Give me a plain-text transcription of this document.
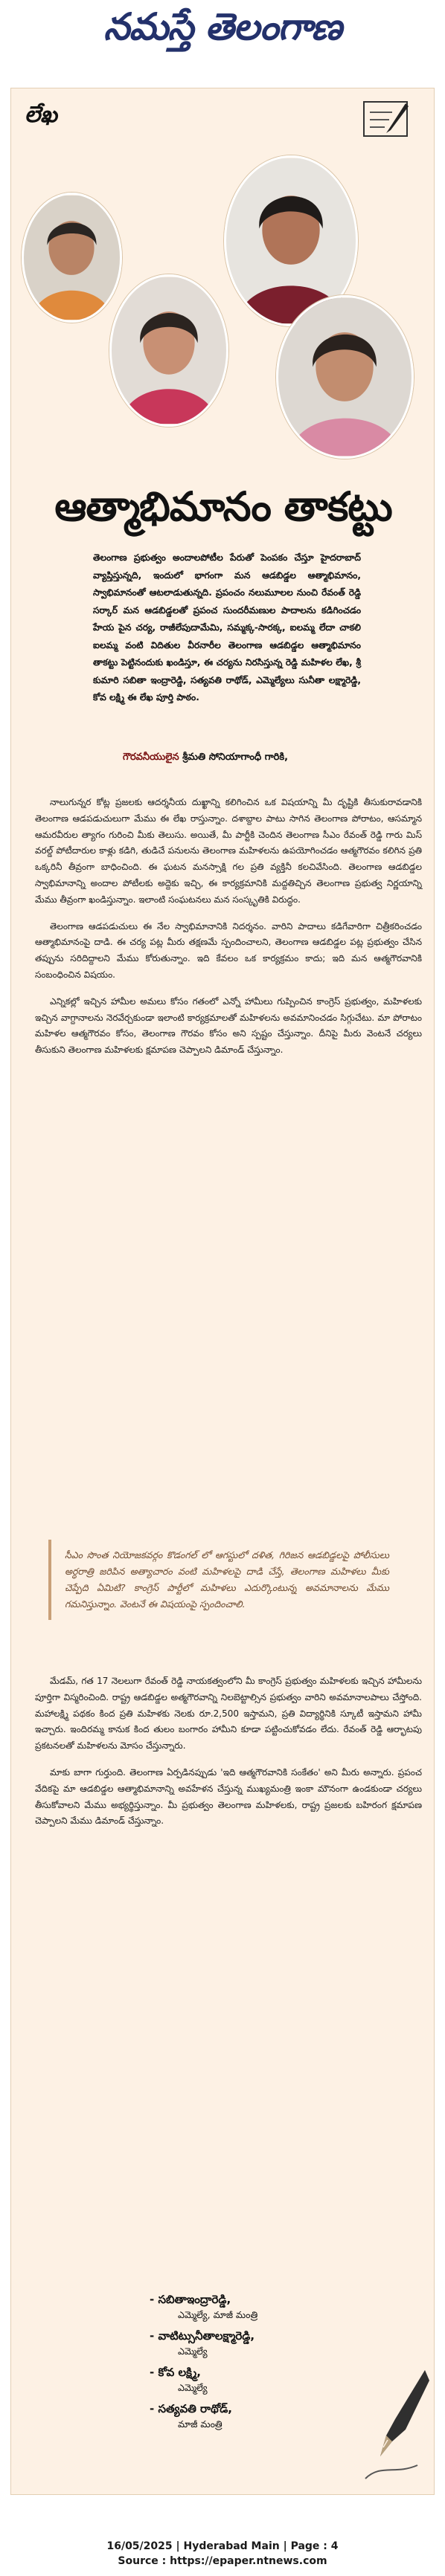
నమస్తే తెలంగాణ
లేఖ
ఆత్మాభిమానం తాకట్టు
తెలంగాణ ప్రభుత్వం అందాలపోటీల పేరుతో పెంపకం చేస్తూ హైదరాబాద్ వ్యాప్తిస్తున్నది, ఇందులో భాగంగా మన ఆడబిడ్డల ఆత్మాభిమానం, స్వాభిమానంతో ఆటలాడుతున్నది. ప్రపంచం నలుమూలల నుంచి రేవంత్ రెడ్డి సర్కార్ మన ఆడబిడ్డలతో ప్రపంచ సుందరీమణుల పాదాలను కడిగించడం హేయ పైన చర్య, రాజీలేపుదామేమి, సమ్మక్క-సారక్క, ఐలమ్మ లేదా చాకలి ఐలమ్మ వంటి విదితుల వీరనారీల తెలంగాణ ఆడబిడ్డల ఆత్మాభిమానం తాకట్టు పెట్టినందుకు ఖండిస్తూ, ఈ చర్యను నిరసిస్తున్న రెడ్డి మహిళల లేఖ, శ్రీ కుమారి సబితా ఇంద్రారెడ్డి, సత్యవతి రాథోడ్, ఎమ్మెల్యేలు సునీతా లక్ష్మారెడ్డి, కోవ లక్ష్మి ఈ లేఖ పూర్తి పాఠం.
గౌరవనీయులైన శ్రీమతి సోనియాగాంధీ గారికి,

నాలుగున్నర కోట్ల ప్రజలకు ఆదర్శనీయ దుఖ్ఖాన్ని కలిగించిన ఒక విషయాన్ని మీ దృష్టికి తీసుకురావడానికి తెలంగాణ ఆడపడుచులుగా మేము ఈ లేఖ రాస్తున్నాం. దశాబ్దాల పాటు సాగిన తెలంగాణ పోరాటం, ఆసమ్మాన ఆమరవీరుల త్యాగం గురించి మీకు తెలుసు. అయితే, మీ పార్టీకి చెందిన తెలంగాణ సీఎం రేవంత్ రెడ్డి గారు మిస్ వరల్డ్ పోటీదారుల కాళ్లు కడిగి, తుడిచే పనులను తెలంగాణ మహిళలను ఉపయోగించడం ఆత్మగౌరవం కలిగిన ప్రతి ఒక్కరినీ తీవ్రంగా బాధించింది. ఈ ఘటన మనస్సాక్షి గల ప్రతి వ్యక్తినీ కలచివేసింది. తెలంగాణ ఆడబిడ్డల స్వాభిమానాన్ని అందాల పోటీలకు అద్దెకు ఇచ్చి, ఈ కార్యక్రమానికి మద్దతిచ్చిన తెలంగాణ ప్రభుత్వ నిర్ణయాన్ని మేము తీవ్రంగా ఖండిస్తున్నాం. ఇలాంటి సంఘటనలు మన సంస్కృతికి విరుద్ధం.

తెలంగాణ ఆడపడుచులు ఈ నేల స్వాభిమానానికి నిదర్శనం. వారిని పాదాలు కడిగేవారిగా చిత్రీకరించడం ఆత్మాభిమానంపై దాడి. ఈ చర్య పట్ల మీరు తక్షణమే స్పందించాలని, తెలంగాణ ఆడబిడ్డల పట్ల ప్రభుత్వం చేసిన తప్పును సరిదిద్దాలని మేము కోరుతున్నాం. ఇది కేవలం ఒక కార్యక్రమం కాదు; ఇది మన ఆత్మగౌరవానికి సంబంధించిన విషయం.

ఎన్నికల్లో ఇచ్చిన హామీల అమలు కోసం గతంలో ఎన్నో హామీలు గుప్పించిన కాంగ్రెస్ ప్రభుత్వం, మహిళలకు ఇచ్చిన వాగ్దానాలను నెరవేర్చకుండా ఇలాంటి కార్యక్రమాలతో మహిళలను అవమానించడం సిగ్గుచేటు. మా పోరాటం మహిళల ఆత్మగౌరవం కోసం, తెలంగాణ గౌరవం కోసం అని స్పష్టం చేస్తున్నాం. దీనిపై మీరు వెంటనే చర్యలు తీసుకుని తెలంగాణ మహిళలకు క్షమాపణ చెప్పాలని డిమాండ్ చేస్తున్నాం.

సీఎం సొంత నియోజకవర్గం కొడంగల్ లో ఆగస్టులో దళిత, గిరిజన ఆడబిడ్డలపై పోలీసులు అర్ధరాత్రి జరిపిన అత్యాచారం వంటి మహిళలపై దాడి చేస్తే, తెలంగాణ మహిళలు మీకు చెప్పేది ఏమిటి? కాంగ్రెస్ పార్టీలో మహిళలు ఎదుర్కొంటున్న అవమానాలను మేము గమనిస్తున్నాం. వెంటనే ఈ విషయంపై స్పందించాలి.

మేడమ్, గత 17 నెలలుగా రేవంత్ రెడ్డి నాయకత్వంలోని మీ కాంగ్రెస్ ప్రభుత్వం మహిళలకు ఇచ్చిన హామీలను పూర్తిగా విస్మరించింది. రాష్ట్ర ఆడబిడ్డల అత్మగౌరవాన్ని నిలబెట్టాల్సిన ప్రభుత్వం వారిని అవమానాలపాలు చేస్తోంది. మహాలక్ష్మి పథకం కింద ప్రతి మహిళకు నెలకు రూ.2,500 ఇస్తామని, ప్రతి విద్యార్థినికి స్కూటీ ఇస్తామని హామీ ఇచ్చారు. ఇందిరమ్మ కానుక కింద తులం బంగారం హామీని కూడా పట్టించుకోవడం లేదు. రేవంత్ రెడ్డి ఆర్భాటపు ప్రకటనలతో మహిళలను మోసం చేస్తున్నారు.

మాకు బాగా గుర్తుంది. తెలంగాణ ఏర్పడినప్పుడు 'ఇది ఆత్మగౌరవానికి సంకేతం' అని మీరు అన్నారు. ప్రపంచ వేదికపై మా ఆడబిడ్డల ఆత్మాభిమానాన్ని అవహేళన చేస్తున్న ముఖ్యమంత్రి ఇంకా మౌనంగా ఉండకుండా చర్యలు తీసుకోవాలని మేము అభ్యర్థిస్తున్నాం. మీ ప్రభుత్వం తెలంగాణ మహిళలకు, రాష్ట్ర ప్రజలకు బహిరంగ క్షమాపణ చెప్పాలని మేము డిమాండ్ చేస్తున్నాం.

- సబితాఇంద్రారెడ్డి,
ఎమ్మెల్యే, మాజీ మంత్రి
- వాటిట్సునీతాలక్ష్మారెడ్డి,
ఎమ్మెల్యే
- కోవ లక్ష్మి,
ఎమ్మెల్యే
- సత్యవతి రాథోడ్,
మాజీ మంత్రి
16/05/2025 | Hyderabad Main | Page : 4
Source : https://epaper.ntnews.com
